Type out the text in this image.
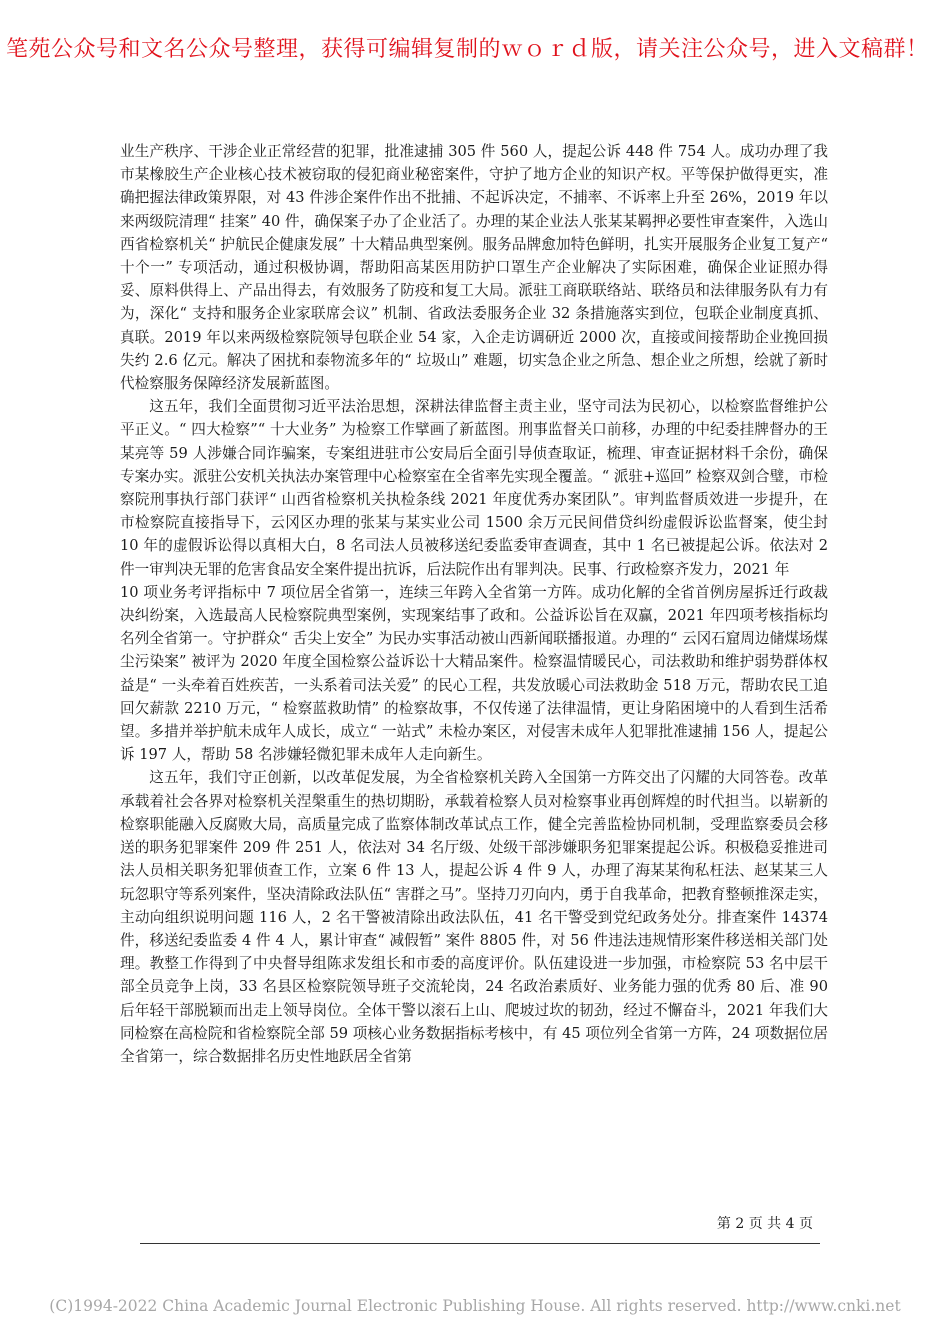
笔苑公众号和文名公众号整理，获得可编辑复制的ｗｏｒｄ版，请关注公众号，进入文稿群！

业生产秩序、干涉企业正常经营的犯罪，批准逮捕 305 件 560 人，提起公诉 448 件 754 人。成功办理了我市某橡胶生产企业核心技术被窃取的侵犯商业秘密案件，守护了地方企业的知识产权。平等保护做得更实，准确把握法律政策界限，对 43 件涉企案件作出不批捕、不起诉决定，不捕率、不诉率上升至 26%，2019 年以来两级院清理“ 挂案” 40 件，确保案子办了企业活了。办理的某企业法人张某某羁押必要性审查案件，入选山西省检察机关“ 护航民企健康发展” 十大精品典型案例。服务品牌愈加特色鲜明，扎实开展服务企业复工复产“ 十个一” 专项活动，通过积极协调，帮助阳高某医用防护口罩生产企业解决了实际困难，确保企业证照办得妥、原料供得上、产品出得去，有效服务了防疫和复工大局。派驻工商联联络站、联络员和法律服务队有力有为，深化“ 支持和服务企业家联席会议” 机制、省政法委服务企业 32 条措施落实到位，包联企业制度真抓、真联。2019 年以来两级检察院领导包联企业 54 家，入企走访调研近 2000 次，直接或间接帮助企业挽回损失约 2.6 亿元。解决了困扰和泰物流多年的“ 垃圾山” 难题，切实急企业之所急、想企业之所想，绘就了新时代检察服务保障经济发展新蓝图。

这五年，我们全面贯彻习近平法治思想，深耕法律监督主责主业，坚守司法为民初心，以检察监督维护公平正义。“ 四大检察”“ 十大业务” 为检察工作擘画了新蓝图。刑事监督关口前移，办理的中纪委挂牌督办的王某亮等 59 人涉嫌合同诈骗案，专案组进驻市公安局后全面引导侦查取证，梳理、审查证据材料千余份，确保专案办实。派驻公安机关执法办案管理中心检察室在全省率先实现全覆盖。“ 派驻+巡回” 检察双剑合璧，市检察院刑事执行部门获评“ 山西省检察机关执检条线 2021 年度优秀办案团队”。审判监督质效进一步提升，在市检察院直接指导下，云冈区办理的张某与某实业公司 1500 余万元民间借贷纠纷虚假诉讼监督案，使尘封 10 年的虚假诉讼得以真相大白，8 名司法人员被移送纪委监委审查调查，其中 1 名已被提起公诉。依法对 2 件一审判决无罪的危害食品安全案件提出抗诉，后法院作出有罪判决。民事、行政检察齐发力，2021 年

10 项业务考评指标中 7 项位居全省第一，连续三年跨入全省第一方阵。成功化解的全省首例房屋拆迁行政裁决纠纷案，入选最高人民检察院典型案例，实现案结事了政和。公益诉讼旨在双赢，2021 年四项考核指标均名列全省第一。守护群众“ 舌尖上安全” 为民办实事活动被山西新闻联播报道。办理的“ 云冈石窟周边储煤场煤尘污染案” 被评为 2020 年度全国检察公益诉讼十大精品案件。检察温情暖民心，司法救助和维护弱势群体权益是“ 一头牵着百姓疾苦，一头系着司法关爱” 的民心工程，共发放暖心司法救助金 518 万元，帮助农民工追回欠薪款 2210 万元，“ 检察蓝救助情” 的检察故事，不仅传递了法律温情，更让身陷困境中的人看到生活希望。多措并举护航未成年人成长，成立“ 一站式” 未检办案区，对侵害未成年人犯罪批准逮捕 156 人，提起公诉 197 人，帮助 58 名涉嫌轻微犯罪未成年人走向新生。

这五年，我们守正创新，以改革促发展，为全省检察机关跨入全国第一方阵交出了闪耀的大同答卷。改革承载着社会各界对检察机关涅槃重生的热切期盼，承载着检察人员对检察事业再创辉煌的时代担当。以崭新的检察职能融入反腐败大局，高质量完成了监察体制改革试点工作，健全完善监检协同机制，受理监察委员会移送的职务犯罪案件 209 件 251 人，依法对 34 名厅级、处级干部涉嫌职务犯罪案提起公诉。积极稳妥推进司法人员相关职务犯罪侦查工作，立案 6 件 13 人，提起公诉 4 件 9 人，办理了海某某徇私枉法、赵某某三人玩忽职守等系列案件，坚决清除政法队伍“ 害群之马”。坚持刀刃向内，勇于自我革命，把教育整顿推深走实，主动向组织说明问题 116 人，2 名干警被清除出政法队伍，41 名干警受到党纪政务处分。排查案件 14374 件，移送纪委监委 4 件 4 人，累计审查“ 减假暂” 案件 8805 件，对 56 件违法违规情形案件移送相关部门处理。教整工作得到了中央督导组陈求发组长和市委的高度评价。队伍建设进一步加强，市检察院 53 名中层干部全员竞争上岗，33 名县区检察院领导班子交流轮岗，24 名政治素质好、业务能力强的优秀 80 后、准 90 后年轻干部脱颖而出走上领导岗位。全体干警以滚石上山、爬坡过坎的韧劲，经过不懈奋斗，2021 年我们大同检察在高检院和省检察院全部 59 项核心业务数据指标考核中，有 45 项位列全省第一方阵，24 项数据位居全省第一，综合数据排名历史性地跃居全省第

第 2 页 共 4 页
(C)1994-2022 China Academic Journal Electronic Publishing House. All rights reserved. http://www.cnki.net
